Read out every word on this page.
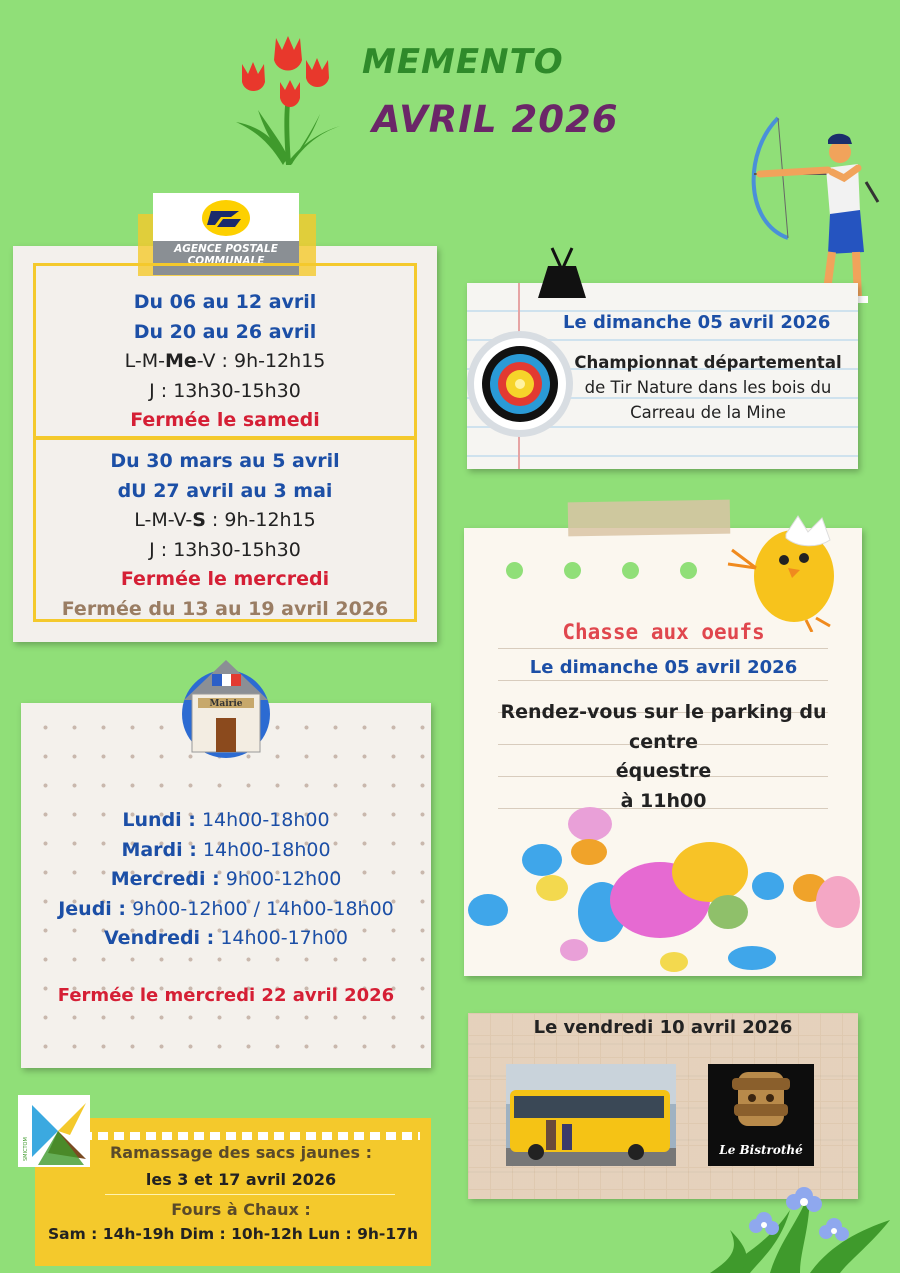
MEMENTO
AVRIL 2026
AGENCE POSTALE
COMMUNALE
Du 06 au 12 avril
Du 20 au 26 avril
L-M-Me-V : 9h-12h15
J : 13h30-15h30
Fermée le samedi
Du 30 mars au 5 avril
dU 27 avril au 3 mai
L-M-V-S : 9h-12h15
J : 13h30-15h30
Fermée le mercredi
Fermée du 13 au 19 avril 2026
Le dimanche 05 avril 2026
Championnat départemental
de Tir Nature dans les bois du
Carreau de la Mine
Chasse aux oeufs
Le dimanche 05 avril 2026
Rendez-vous sur le parking du centre
équestre
à 11h00
Mairie
Lundi : 14h00-18h00
Mardi : 14h00-18h00
Mercredi : 9h00-12h00
Jeudi : 9h00-12h00 / 14h00-18h00
Vendredi : 14h00-17h00
Fermée le mercredi 22 avril 2026
Le vendredi 10 avril 2026
Le Bistrothé
SMICTOM	Ramassage des sacs jaunes :
les 3 et 17 avril 2026
Fours à Chaux :
Sam : 14h-19h Dim : 10h-12h Lun : 9h-17h
